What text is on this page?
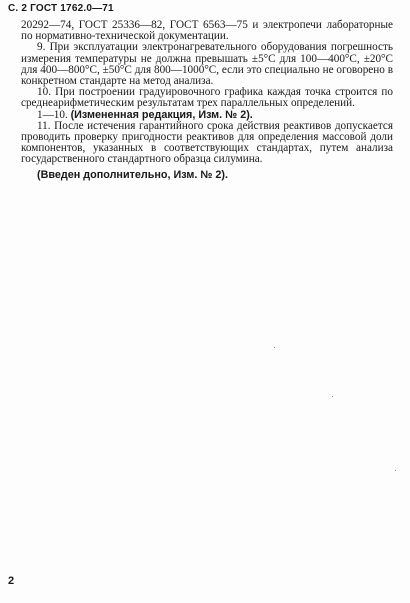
С. 2 ГОСТ 1762.0—71

20292—74, ГОСТ 25336—82, ГОСТ 6563—75 и электропечи лабораторные по нормативно-технической документации.

9. При эксплуатации электронагревательного оборудования погрешность измерения температуры не должна превышать ±5°С для 100—400°С, ±20°С для 400—800°С, ±50°С для 800—1000°С, если это специально не оговорено в конкретном стандарте на метод анализа.

10. При построении градуировочного графика каждая точка строится по среднеарифметическим результатам трех параллельных определений.

1—10. (Измененная редакция, Изм. № 2).

11. После истечения гарантийного срока действия реактивов допускается проводить проверку пригодности реактивов для определения массовой доли компонентов, указанных в соответствующих стандартах, путем анализа государственного стандартного образца силумина.

(Введен дополнительно, Изм. № 2).

2
